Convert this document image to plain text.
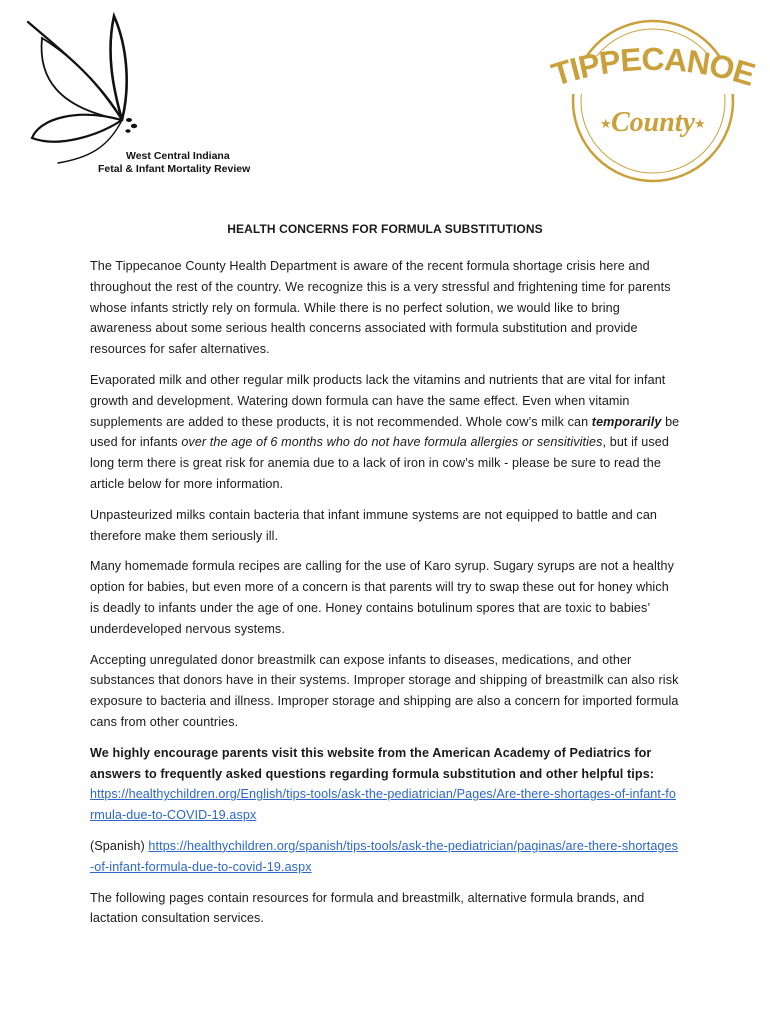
West Central Indiana
Fetal & Infant Mortality Review
TIPPECANOE
County
★	★

HEALTH CONCERNS FOR FORMULA SUBSTITUTIONS

The Tippecanoe County Health Department is aware of the recent formula shortage crisis here and throughout the rest of the country. We recognize this is a very stressful and frightening time for parents whose infants strictly rely on formula. While there is no perfect solution, we would like to bring awareness about some serious health concerns associated with formula substitution and provide resources for safer alternatives.

Evaporated milk and other regular milk products lack the vitamins and nutrients that are vital for infant growth and development. Watering down formula can have the same effect. Even when vitamin supplements are added to these products, it is not recommended. Whole cow’s milk can temporarily be used for infants over the age of 6 months who do not have formula allergies or sensitivities, but if used long term there is great risk for anemia due to a lack of iron in cow’s milk - please be sure to read the article below for more information.

Unpasteurized milks contain bacteria that infant immune systems are not equipped to battle and can therefore make them seriously ill.

Many homemade formula recipes are calling for the use of Karo syrup. Sugary syrups are not a healthy option for babies, but even more of a concern is that parents will try to swap these out for honey which is deadly to infants under the age of one. Honey contains botulinum spores that are toxic to babies’ underdeveloped nervous systems.

Accepting unregulated donor breastmilk can expose infants to diseases, medications, and other substances that donors have in their systems. Improper storage and shipping of breastmilk can also risk exposure to bacteria and illness. Improper storage and shipping are also a concern for imported formula cans from other countries.

We highly encourage parents visit this website from the American Academy of Pediatrics for answers to frequently asked questions regarding formula substitution and other helpful tips:
https://healthychildren.org/English/tips-tools/ask-the-pediatrician/Pages/Are-there-shortages-of-infant-formula-due-to-COVID-19.aspx

(Spanish) https://healthychildren.org/spanish/tips-tools/ask-the-pediatrician/paginas/are-there-shortages-of-infant-formula-due-to-covid-19.aspx

The following pages contain resources for formula and breastmilk, alternative formula brands, and lactation consultation services.
